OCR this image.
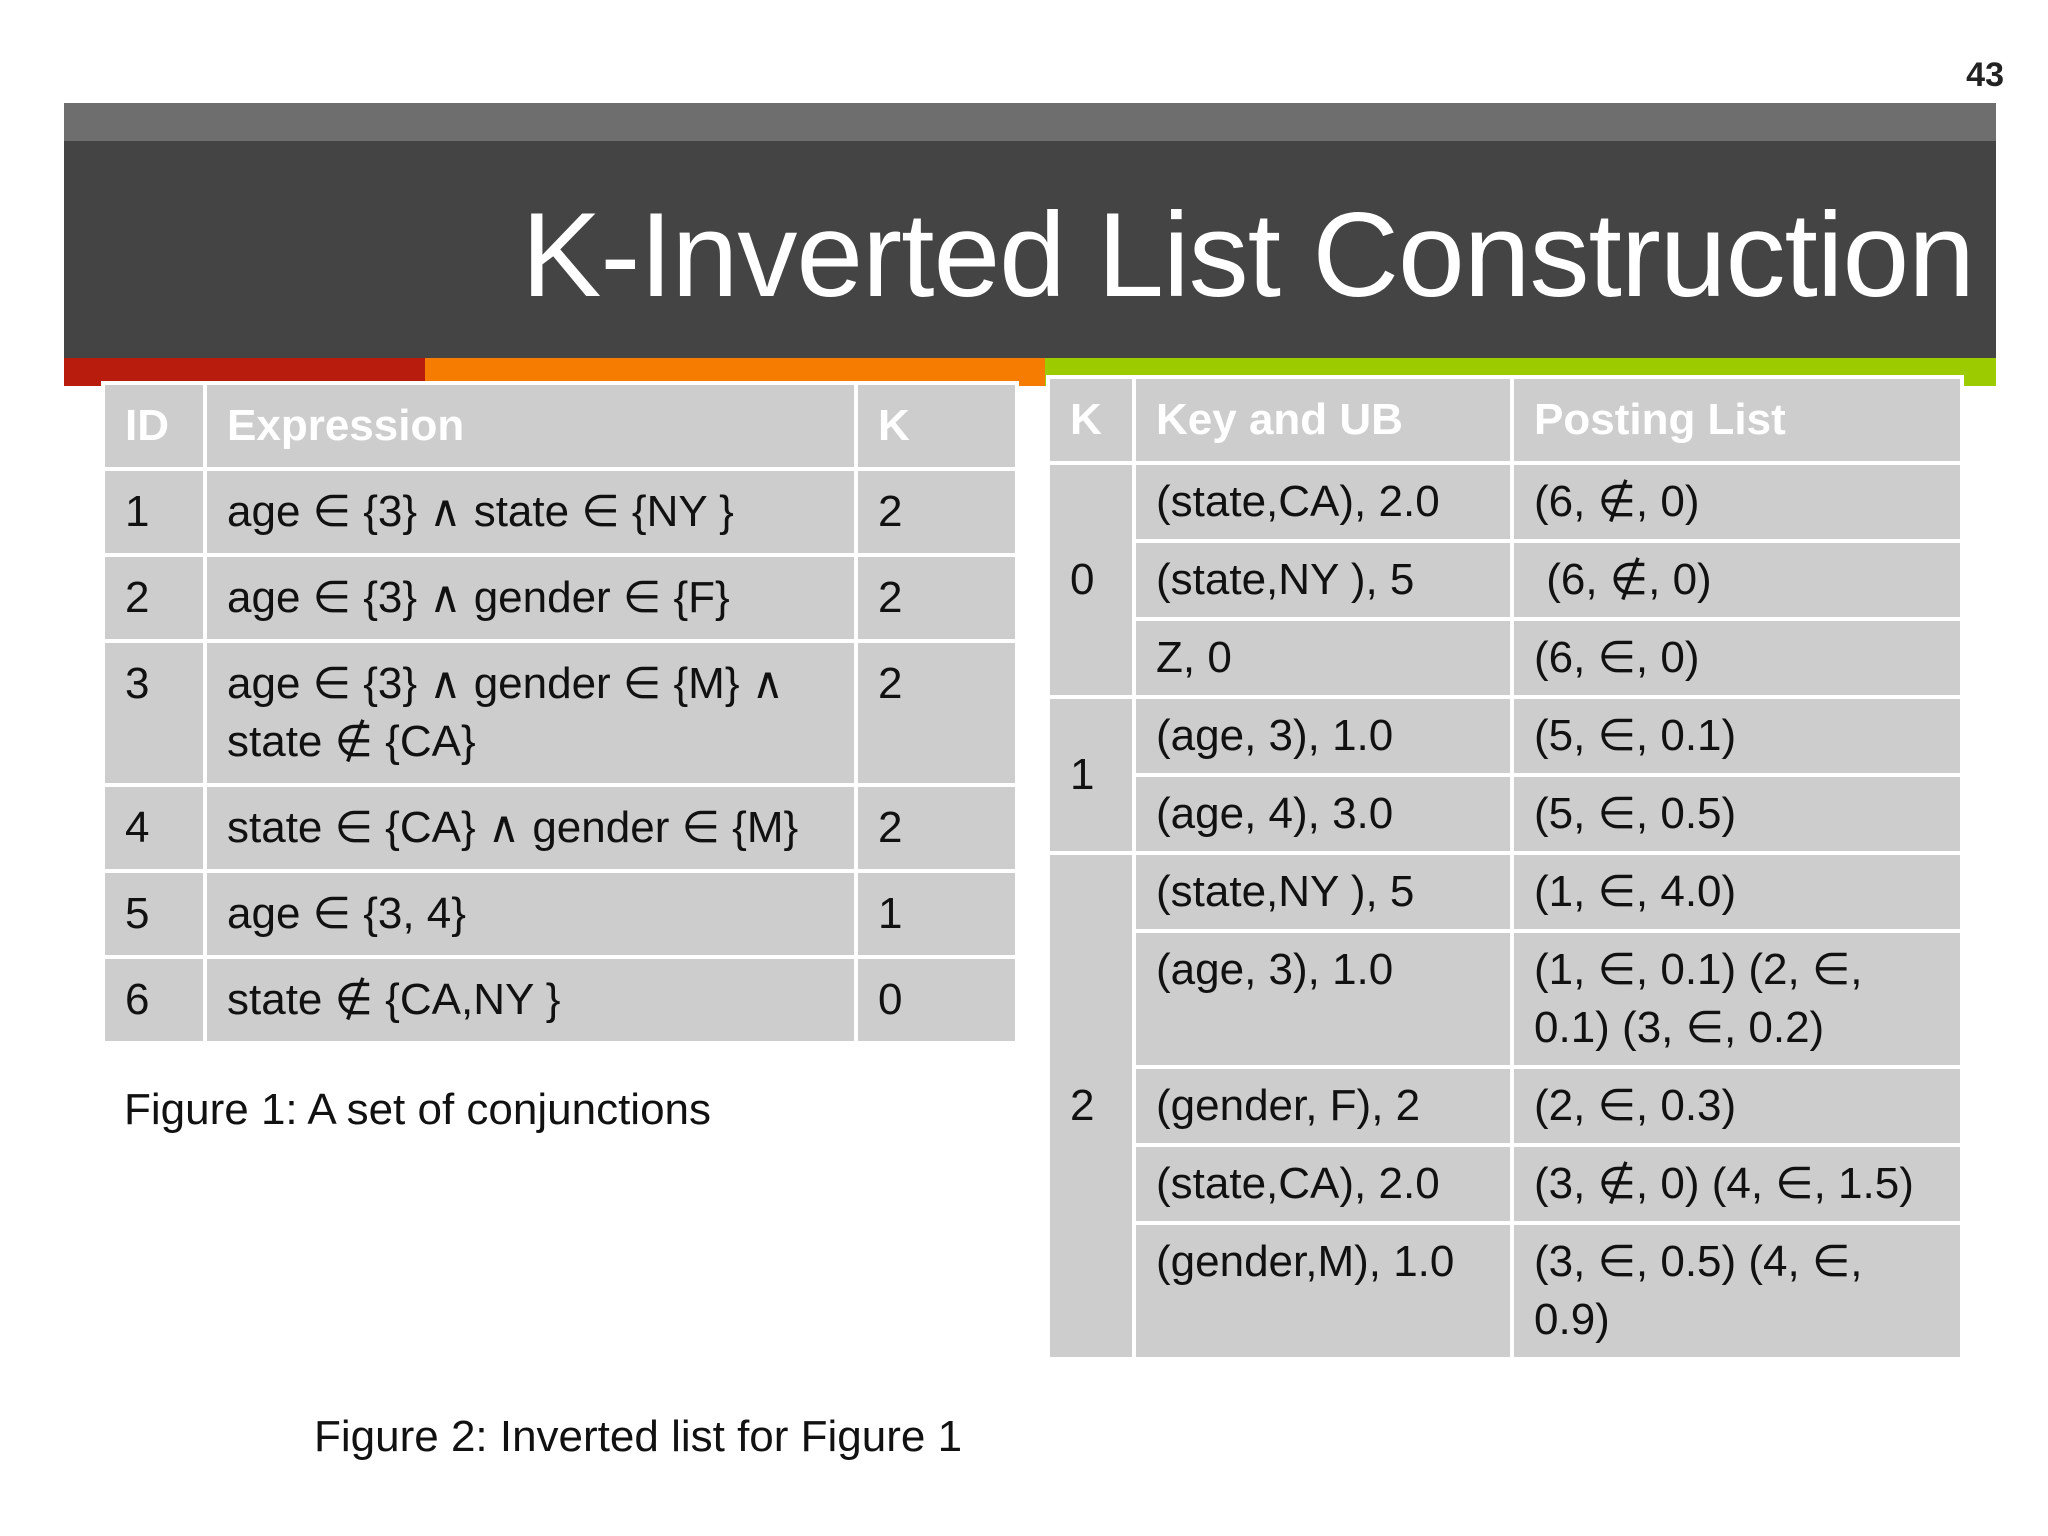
43
K-Inverted List Construction
ID	Expression	K
1	age ∈ {3} ∧ state ∈ {NY }	2
2	age ∈ {3} ∧ gender ∈ {F}	2
3	age ∈ {3} ∧ gender ∈ {M} ∧ state ∉ {CA}	2
4	state ∈ {CA} ∧ gender ∈ {M}	2
5	age ∈ {3, 4}	1
6	state ∉ {CA,NY }	0
Figure 1: A set of conjunctions
K	Key and UB	Posting List
0	(state,CA), 2.0	(6, ∉, 0)
	(state,NY ), 5	(6, ∉, 0)
	Z, 0	(6, ∈, 0)
1	(age, 3), 1.0	(5, ∈, 0.1)
	(age, 4), 3.0	(5, ∈, 0.5)
2	(state,NY ), 5	(1, ∈, 4.0)
	(age, 3), 1.0	(1, ∈, 0.1) (2, ∈, 0.1) (3, ∈, 0.2)
	(gender, F), 2	(2, ∈, 0.3)
	(state,CA), 2.0	(3, ∉, 0) (4, ∈, 1.5)
	(gender,M), 1.0	(3, ∈, 0.5) (4, ∈, 0.9)
Figure 2: Inverted list for Figure 1
